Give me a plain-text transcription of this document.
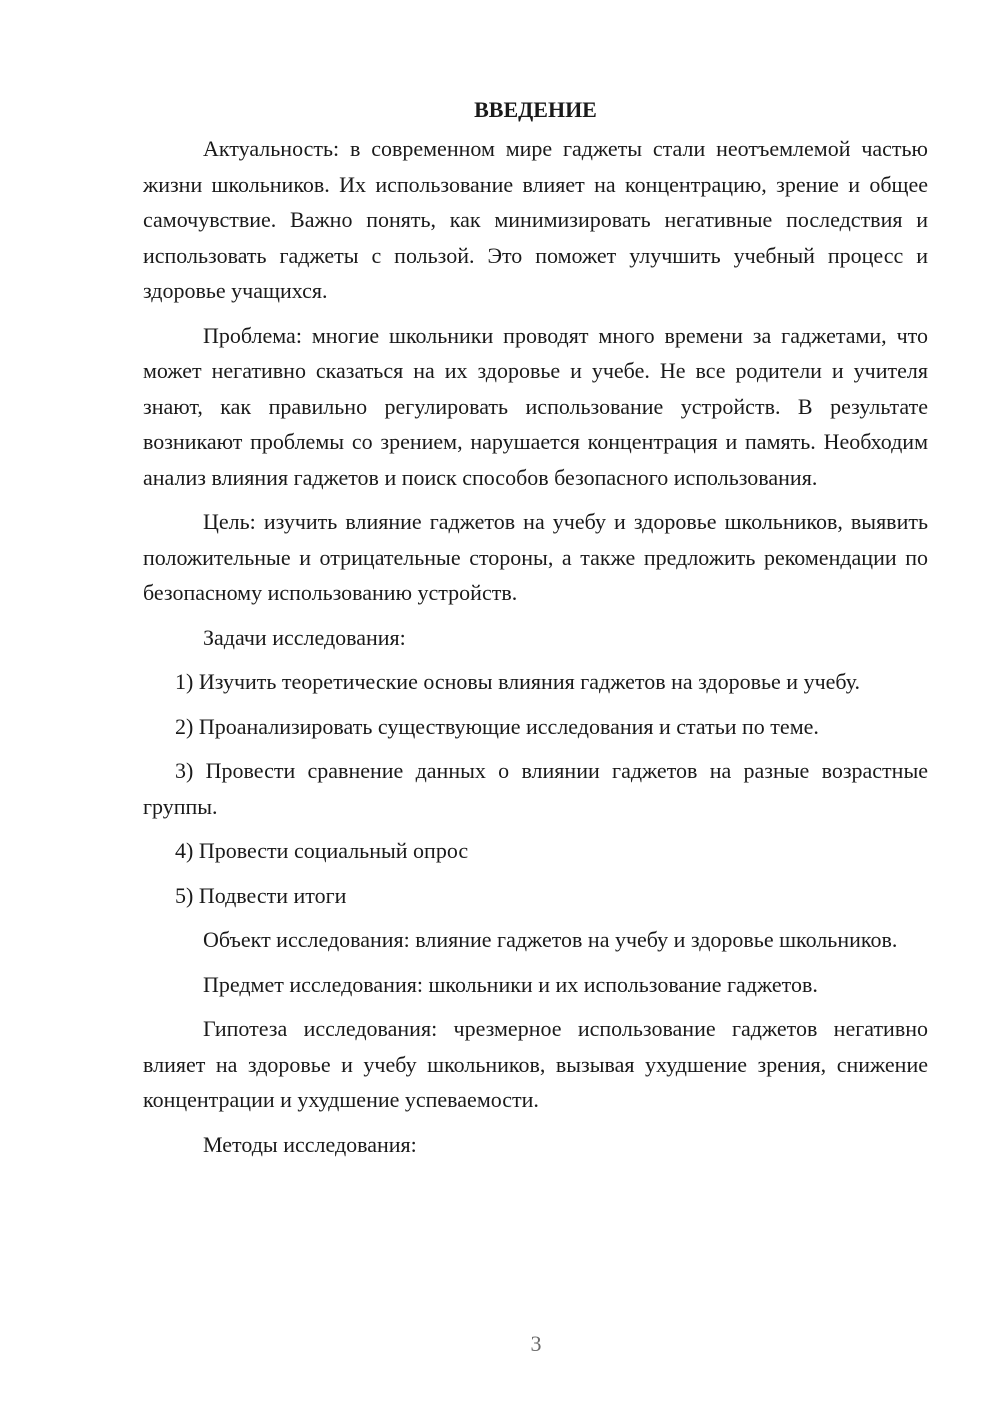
ВВЕДЕНИЕ

Актуальность: в современном мире гаджеты стали неотъемлемой частью жизни школьников. Их использование влияет на концентрацию, зрение и общее самочувствие. Важно понять, как минимизировать негативные последствия и использовать гаджеты с пользой. Это поможет улучшить учебный процесс и здоровье учащихся.

Проблема: многие школьники проводят много времени за гаджетами, что может негативно сказаться на их здоровье и учебе. Не все родители и учителя знают, как правильно регулировать использование устройств. В результате возникают проблемы со зрением, нарушается концентрация и память. Необходим анализ влияния гаджетов и поиск способов безопасного использования.

Цель: изучить влияние гаджетов на учебу и здоровье школьников, выявить положительные и отрицательные стороны, а также предложить рекомендации по безопасному использованию устройств.

Задачи исследования:

1) Изучить теоретические основы влияния гаджетов на здоровье и учебу.

2) Проанализировать существующие исследования и статьи по теме.

3) Провести сравнение данных о влиянии гаджетов на разные возрастные группы.

4) Провести социальный опрос

5) Подвести итоги

Объект исследования: влияние гаджетов на учебу и здоровье школьников.

Предмет исследования: школьники и их использование гаджетов.

Гипотеза исследования: чрезмерное использование гаджетов негативно влияет на здоровье и учебу школьников, вызывая ухудшение зрения, снижение концентрации и ухудшение успеваемости.

Методы исследования:

3
